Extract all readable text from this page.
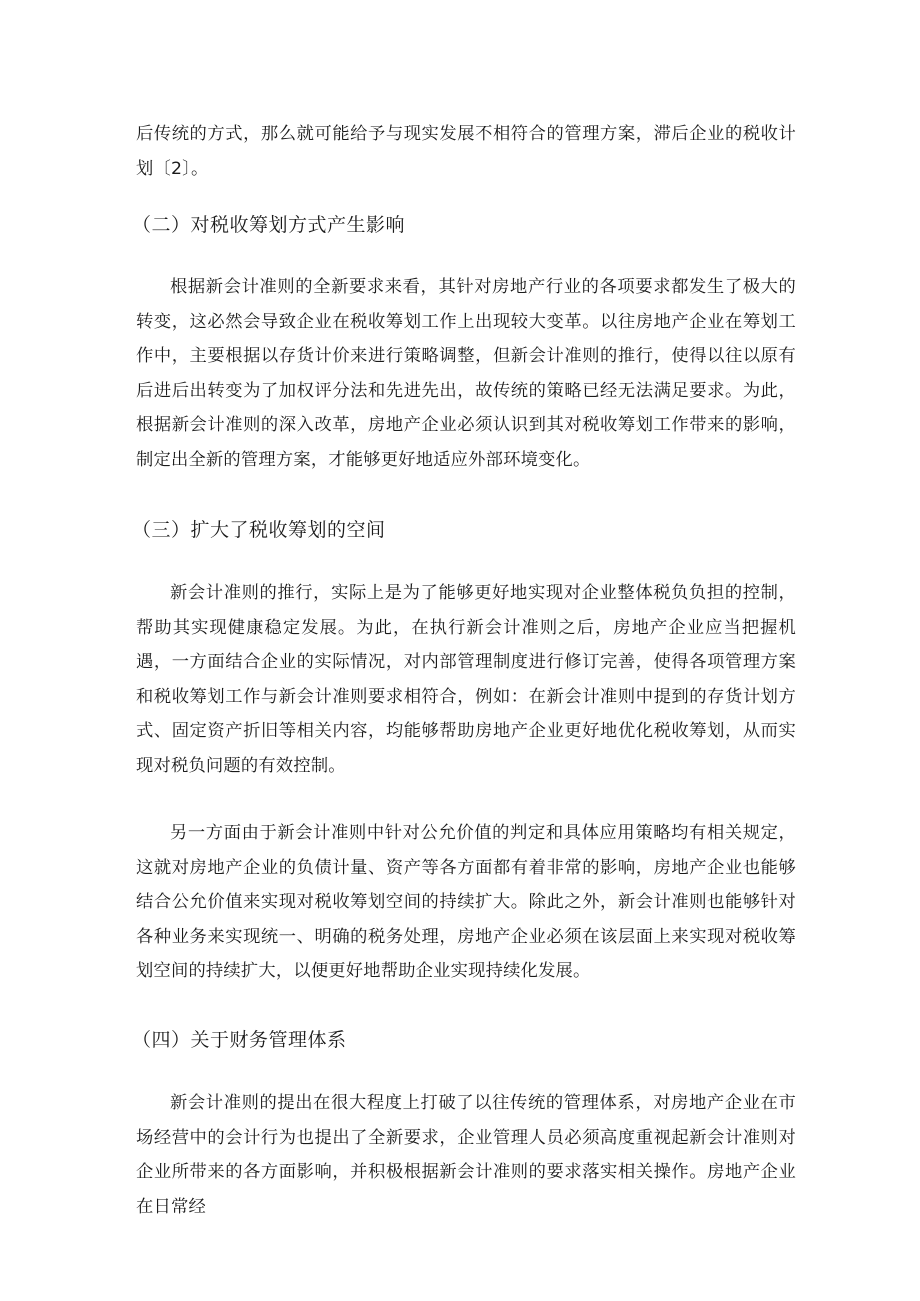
后传统的方式，那么就可能给予与现实发展不相符合的管理方案，滞后企业的税收计划〔2〕。

（二）对税收筹划方式产生影响

根据新会计准则的全新要求来看，其针对房地产行业的各项要求都发生了极大的转变，这必然会导致企业在税收筹划工作上出现较大变革。以往房地产企业在筹划工作中，主要根据以存货计价来进行策略调整，但新会计准则的推行，使得以往以原有后进后出转变为了加权评分法和先进先出，故传统的策略已经无法满足要求。为此，根据新会计准则的深入改革，房地产企业必须认识到其对税收筹划工作带来的影响，制定出全新的管理方案，才能够更好地适应外部环境变化。

（三）扩大了税收筹划的空间

新会计准则的推行，实际上是为了能够更好地实现对企业整体税负负担的控制，帮助其实现健康稳定发展。为此，在执行新会计准则之后，房地产企业应当把握机遇，一方面结合企业的实际情况，对内部管理制度进行修订完善，使得各项管理方案和税收筹划工作与新会计准则要求相符合，例如：在新会计准则中提到的存货计划方式、固定资产折旧等相关内容，均能够帮助房地产企业更好地优化税收筹划，从而实现对税负问题的有效控制。

另一方面由于新会计准则中针对公允价值的判定和具体应用策略均有相关规定，这就对房地产企业的负债计量、资产等各方面都有着非常的影响，房地产企业也能够结合公允价值来实现对税收筹划空间的持续扩大。除此之外，新会计准则也能够针对各种业务来实现统一、明确的税务处理，房地产企业必须在该层面上来实现对税收筹划空间的持续扩大，以便更好地帮助企业实现持续化发展。

（四）关于财务管理体系

新会计准则的提出在很大程度上打破了以往传统的管理体系，对房地产企业在市场经营中的会计行为也提出了全新要求，企业管理人员必须高度重视起新会计准则对企业所带来的各方面影响，并积极根据新会计准则的要求落实相关操作。房地产企业在日常经
